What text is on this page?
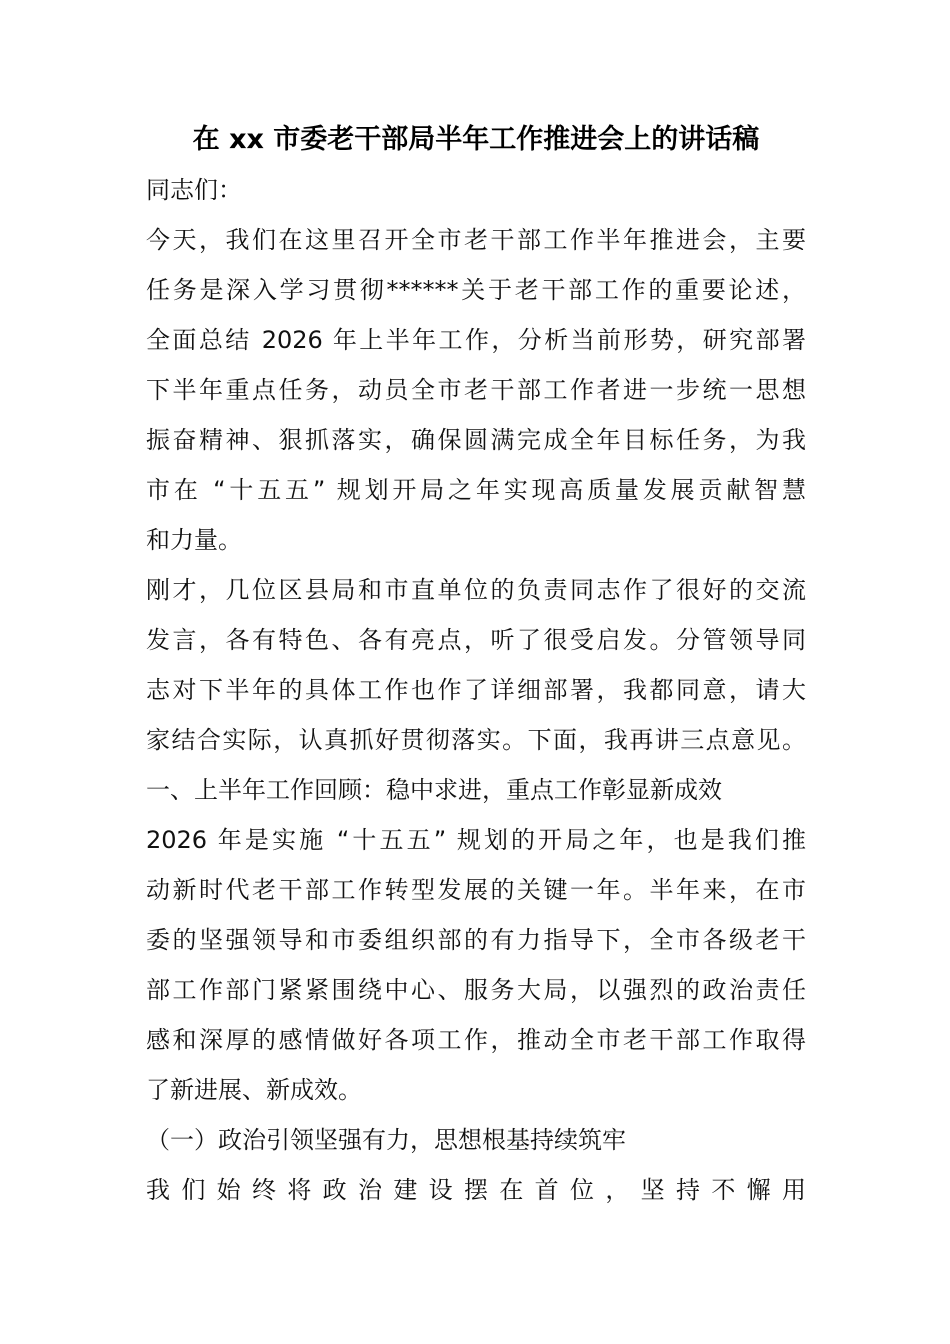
在 xx 市委老干部局半年工作推进会上的讲话稿

同志们：

今天，我们在这里召开全市老干部工作半年推进会，主要

任务是深入学习贯彻******关于老干部工作的重要论述，

全面总结 2026 年上半年工作，分析当前形势，研究部署

下半年重点任务，动员全市老干部工作者进一步统一思想

振奋精神、狠抓落实，确保圆满完成全年目标任务，为我

市在 “十五五” 规划开局之年实现高质量发展贡献智慧

和力量。

刚才，几位区县局和市直单位的负责同志作了很好的交流

发言，各有特色、各有亮点，听了很受启发。分管领导同

志对下半年的具体工作也作了详细部署，我都同意，请大

家结合实际，认真抓好贯彻落实。下面，我再讲三点意见。

一、上半年工作回顾：稳中求进，重点工作彰显新成效

2026 年是实施 “十五五” 规划的开局之年，也是我们推

动新时代老干部工作转型发展的关键一年。半年来，在市

委的坚强领导和市委组织部的有力指导下，全市各级老干

部工作部门紧紧围绕中心、服务大局，以强烈的政治责任

感和深厚的感情做好各项工作，推动全市老干部工作取得

了新进展、新成效。

（一）政治引领坚强有力，思想根基持续筑牢

我 们 始 终 将 政 治 建 设 摆 在 首 位 ， 坚 持 不 懈 用
